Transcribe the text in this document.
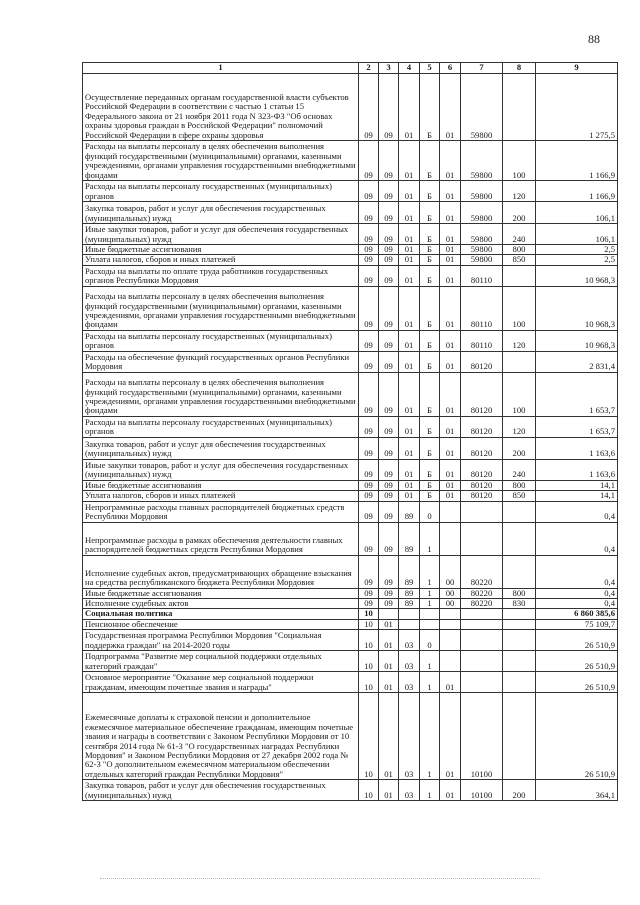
88
1	2	3	4	5	6	7	8	9
Осуществление переданных органам государственной власти субъектов Российской Федерации в соответствии с частью 1 статьи 15 Федерального закона от 21 ноября 2011 года N 323-ФЗ "Об основах охраны здоровья граждан в Российской Федерации" полномочий Российской Федерации в сфере охраны здоровья	09	09	01	Б	01	59800		1 275,5
Расходы на выплаты персоналу в целях обеспечения выполнения функций государственными (муниципальными) органами, казенными учреждениями, органами управления государственными внебюджетными фондами	09	09	01	Б	01	59800	100	1 166,9
Расходы на выплаты персоналу государственных (муниципальных) органов	09	09	01	Б	01	59800	120	1 166,9
Закупка товаров, работ и услуг для обеспечения государственных (муниципальных) нужд	09	09	01	Б	01	59800	200	106,1
Иные закупки товаров, работ и услуг для обеспечения государственных (муниципальных) нужд	09	09	01	Б	01	59800	240	106,1
Иные бюджетные ассигнования	09	09	01	Б	01	59800	800	2,5
Уплата налогов, сборов и иных платежей	09	09	01	Б	01	59800	850	2,5
Расходы на выплаты по оплате труда работников государственных органов Республики Мордовия	09	09	01	Б	01	80110		10 968,3
Расходы на выплаты персоналу в целях обеспечения выполнения функций государственными (муниципальными) органами, казенными учреждениями, органами управления государственными внебюджетными фондами	09	09	01	Б	01	80110	100	10 968,3
Расходы на выплаты персоналу государственных (муниципальных) органов	09	09	01	Б	01	80110	120	10 968,3
Расходы на обеспечение функций государственных органов Республики Мордовия	09	09	01	Б	01	80120		2 831,4
Расходы на выплаты персоналу в целях обеспечения выполнения функций государственными (муниципальными) органами, казенными учреждениями, органами управления государственными внебюджетными фондами	09	09	01	Б	01	80120	100	1 653,7
Расходы на выплаты персоналу государственных (муниципальных) органов	09	09	01	Б	01	80120	120	1 653,7
Закупка товаров, работ и услуг для обеспечения государственных (муниципальных) нужд	09	09	01	Б	01	80120	200	1 163,6
Иные закупки товаров, работ и услуг для обеспечения государственных (муниципальных) нужд	09	09	01	Б	01	80120	240	1 163,6
Иные бюджетные ассигнования	09	09	01	Б	01	80120	800	14,1
Уплата налогов, сборов и иных платежей	09	09	01	Б	01	80120	850	14,1
Непрограммные расходы главных распорядителей бюджетных средств Республики Мордовия	09	09	89	0				0,4
Непрограммные расходы в рамках обеспечения деятельности главных распорядителей бюджетных средств Республики Мордовия	09	09	89	1				0,4
Исполнение судебных актов, предусматривающих обращение взыскания на средства республиканского бюджета Республики Мордовия	09	09	89	1	00	80220		0,4
Иные бюджетные ассигнования	09	09	89	1	00	80220	800	0,4
Исполнение судебных актов	09	09	89	1	00	80220	830	0,4
Социальная политика	10							6 860 385,6
Пенсионное обеспечение	10	01						75 109,7
Государственная программа Республики Мордовия "Социальная поддержка граждан" на 2014-2020 годы	10	01	03	0				26 510,9
Подпрограмма "Развитие мер социальной поддержки отдельных категорий граждан"	10	01	03	1				26 510,9
Основное мероприятие "Оказание мер социальной поддержки гражданам, имеющим почетные звания и награды"	10	01	03	1	01			26 510,9
Ежемесячные доплаты к страховой пенсии и дополнительное ежемесячное материальное обеспечение гражданам, имеющим почетные звания и награды в соответствии с Законом Республики Мордовия от 10 сентября 2014 года № 61-З "О государственных наградах Республики Мордовия" и Законом Республики Мордовия от 27 декабря 2002 года № 62-З "О дополнительном ежемесячном материальном обеспечении отдельных категорий граждан Республики Мордовия"	10	01	03	1	01	10100		26 510,9
Закупка товаров, работ и услуг для обеспечения государственных (муниципальных) нужд	10	01	03	1	01	10100	200	364,1
